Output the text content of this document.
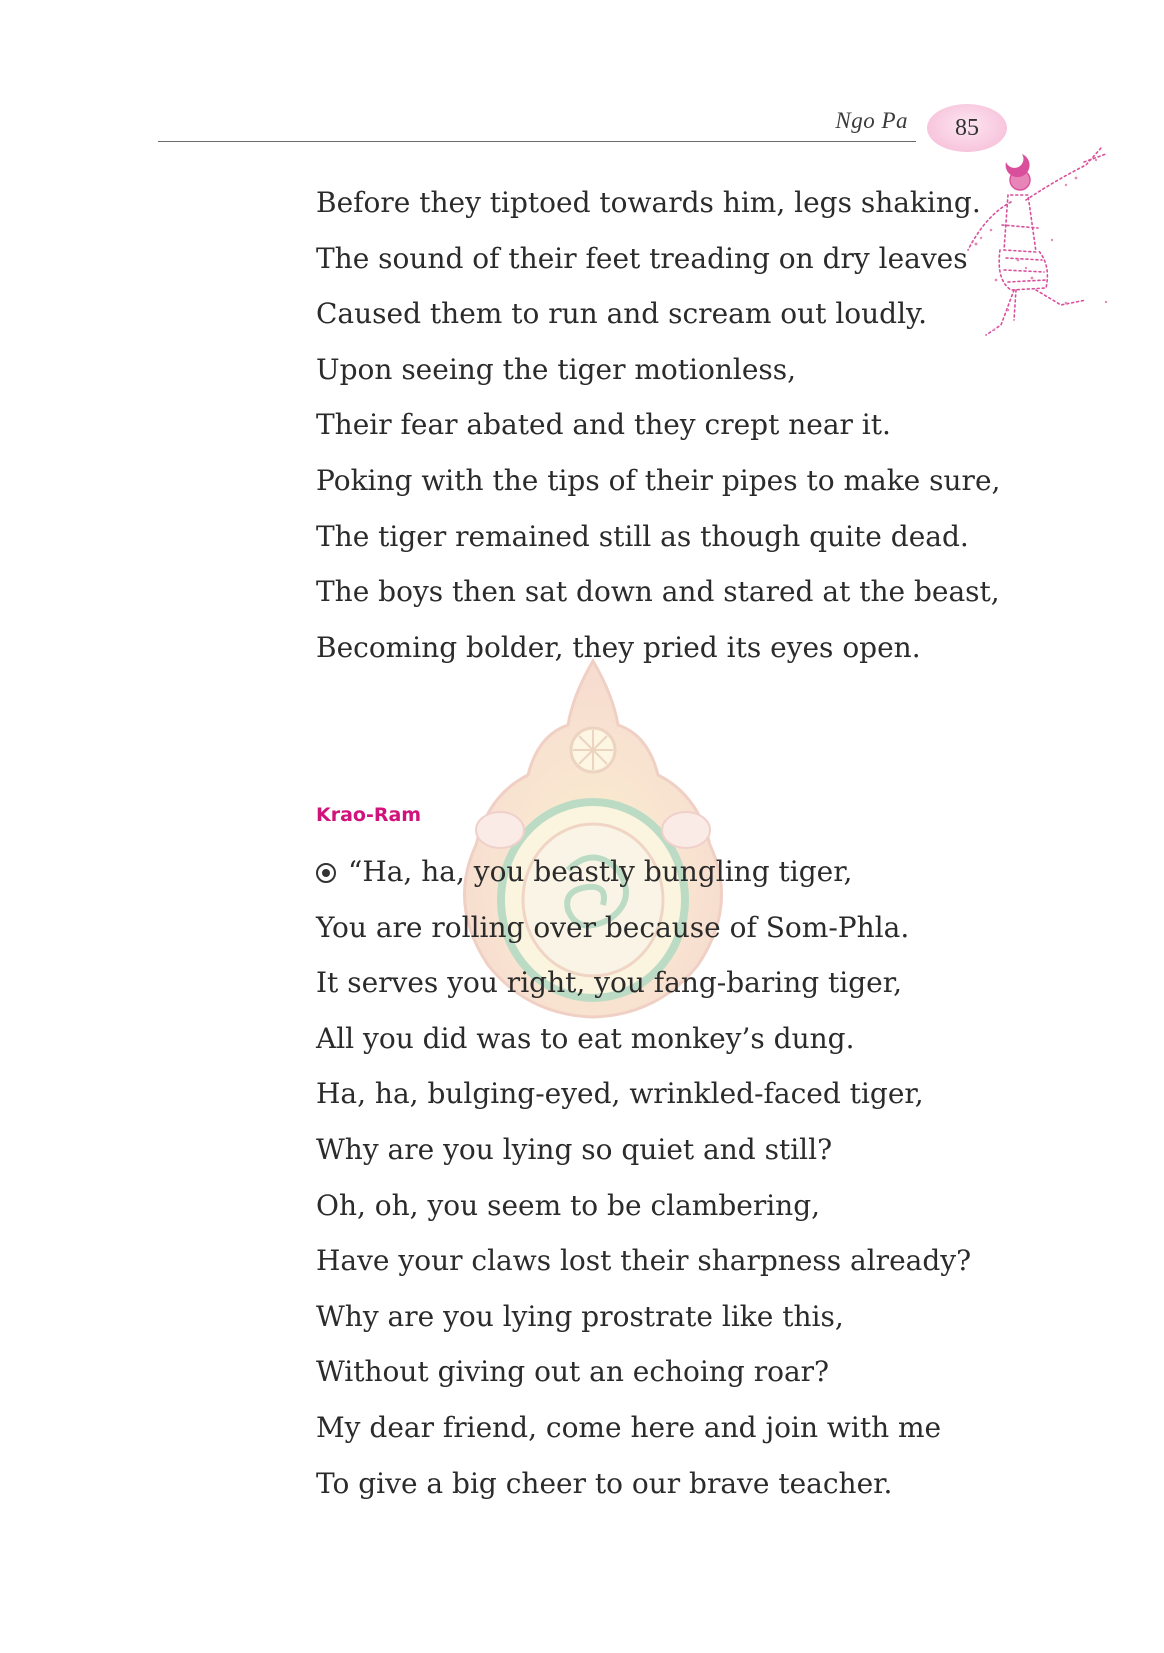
Ngo Pa 85
Before they tiptoed towards him, legs shaking.
The sound of their feet treading on dry leaves
Caused them to run and scream out loudly.
Upon seeing the tiger motionless,
Their fear abated and they crept near it.
Poking with the tips of their pipes to make sure,
The tiger remained still as though quite dead.
The boys then sat down and stared at the beast,
Becoming bolder, they pried its eyes open.
Krao-Ram
“Ha, ha, you beastly bungling tiger,
You are rolling over because of Som-Phla.
It serves you right, you fang-baring tiger,
All you did was to eat monkey’s dung.
Ha, ha, bulging-eyed, wrinkled-faced tiger,
Why are you lying so quiet and still?
Oh, oh, you seem to be clambering,
Have your claws lost their sharpness already?
Why are you lying prostrate like this,
Without giving out an echoing roar?
My dear friend, come here and join with me
To give a big cheer to our brave teacher.
